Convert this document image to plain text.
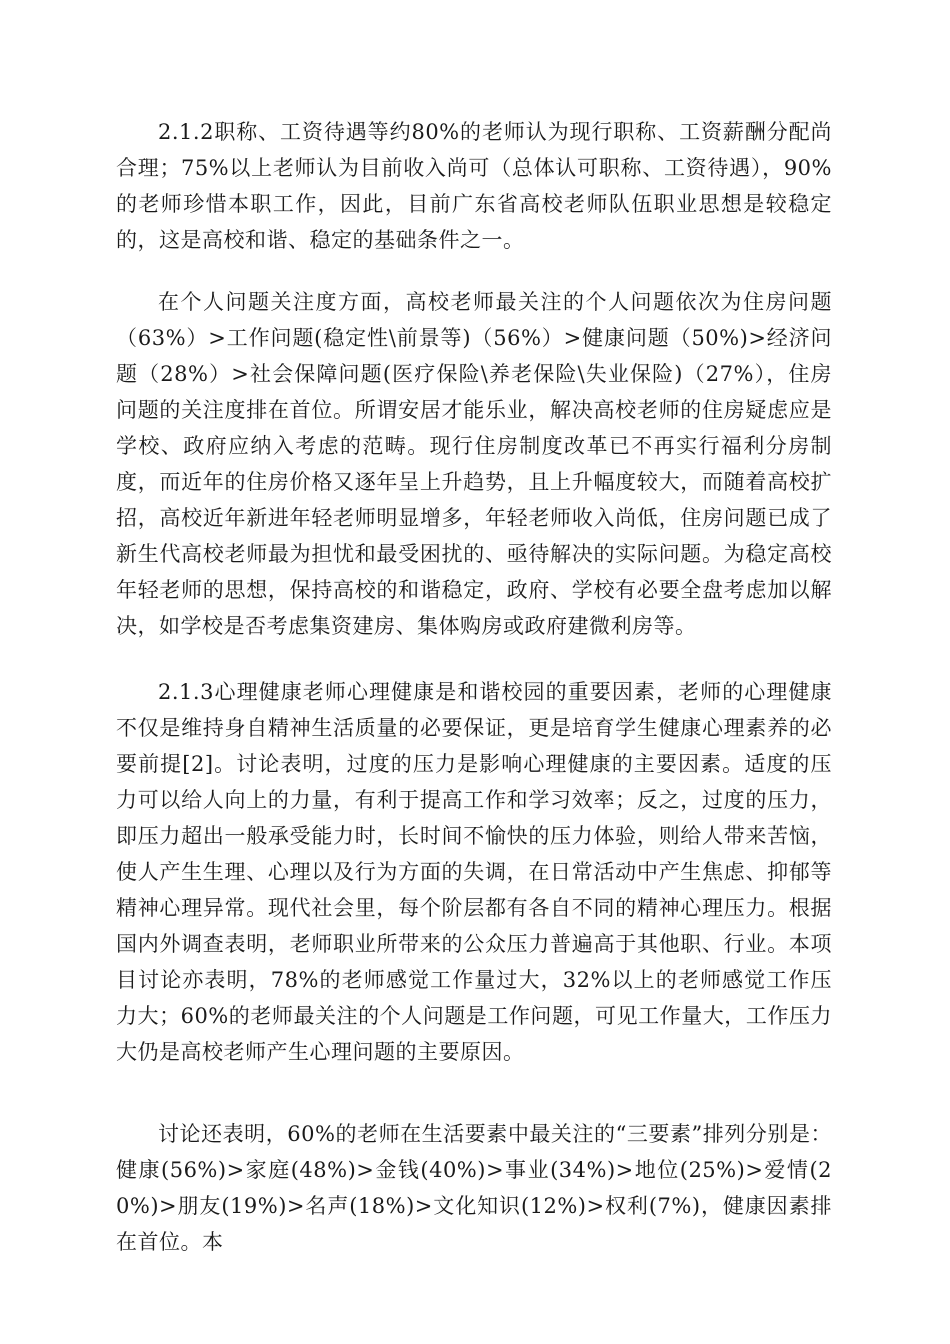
2.1.2职称、工资待遇等约80%的老师认为现行职称、工资薪酬分配尚合理；75%以上老师认为目前收入尚可（总体认可职称、工资待遇），90%的老师珍惜本职工作，因此，目前广东省高校老师队伍职业思想是较稳定的，这是高校和谐、稳定的基础条件之一。

在个人问题关注度方面，高校老师最关注的个人问题依次为住房问题（63%）>工作问题(稳定性\前景等)（56%）>健康问题（50%)>经济问题（28%）>社会保障问题(医疗保险\养老保险\失业保险)（27%），住房问题的关注度排在首位。所谓安居才能乐业，解决高校老师的住房疑虑应是学校、政府应纳入考虑的范畴。现行住房制度改革已不再实行福利分房制度，而近年的住房价格又逐年呈上升趋势，且上升幅度较大，而随着高校扩招，高校近年新进年轻老师明显增多，年轻老师收入尚低，住房问题已成了新生代高校老师最为担忧和最受困扰的、亟待解决的实际问题。为稳定高校年轻老师的思想，保持高校的和谐稳定，政府、学校有必要全盘考虑加以解决，如学校是否考虑集资建房、集体购房或政府建微利房等。

2.1.3心理健康老师心理健康是和谐校园的重要因素，老师的心理健康不仅是维持身自精神生活质量的必要保证，更是培育学生健康心理素养的必要前提[2]。讨论表明，过度的压力是影响心理健康的主要因素。适度的压力可以给人向上的力量，有利于提高工作和学习效率；反之，过度的压力，即压力超出一般承受能力时，长时间不愉快的压力体验，则给人带来苦恼，使人产生生理、心理以及行为方面的失调，在日常活动中产生焦虑、抑郁等精神心理异常。现代社会里，每个阶层都有各自不同的精神心理压力。根据国内外调查表明，老师职业所带来的公众压力普遍高于其他职、行业。本项目讨论亦表明，78%的老师感觉工作量过大，32%以上的老师感觉工作压力大；60%的老师最关注的个人问题是工作问题，可见工作量大，工作压力大仍是高校老师产生心理问题的主要原因。

讨论还表明，60%的老师在生活要素中最关注的“三要素”排列分别是：健康(56%)>家庭(48%)>金钱(40%)>事业(34%)>地位(25%)>爱情(20%)>朋友(19%)>名声(18%)>文化知识(12%)>权利(7%)，健康因素排在首位。本
